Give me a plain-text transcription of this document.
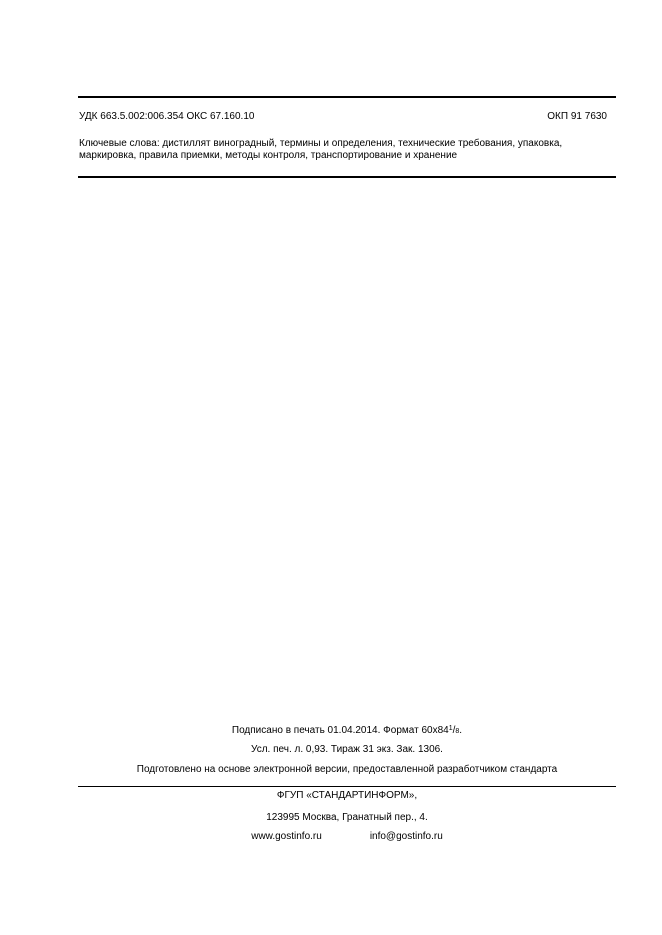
УДК 663.5.002:006.354 ОКС 67.160.10	ОКП 91 7630
Ключевые слова: дистиллят виноградный, термины и определения, технические требования, упаковка,
маркировка, правила приемки, методы контроля, транспортирование и хранение
Подписано в печать 01.04.2014. Формат $60х84^1/8$.
Усл. печ. л. 0,93. Тираж 31 экз. Зак. 1306.
Подготовлено на основе электронной версии, предоставленной разработчиком стандарта
ФГУП «СТАНДАРТИНФОРМ»,
123995 Москва, Гранатный пер., 4.
www.gostinfo.ru	info@gostinfo.ru
